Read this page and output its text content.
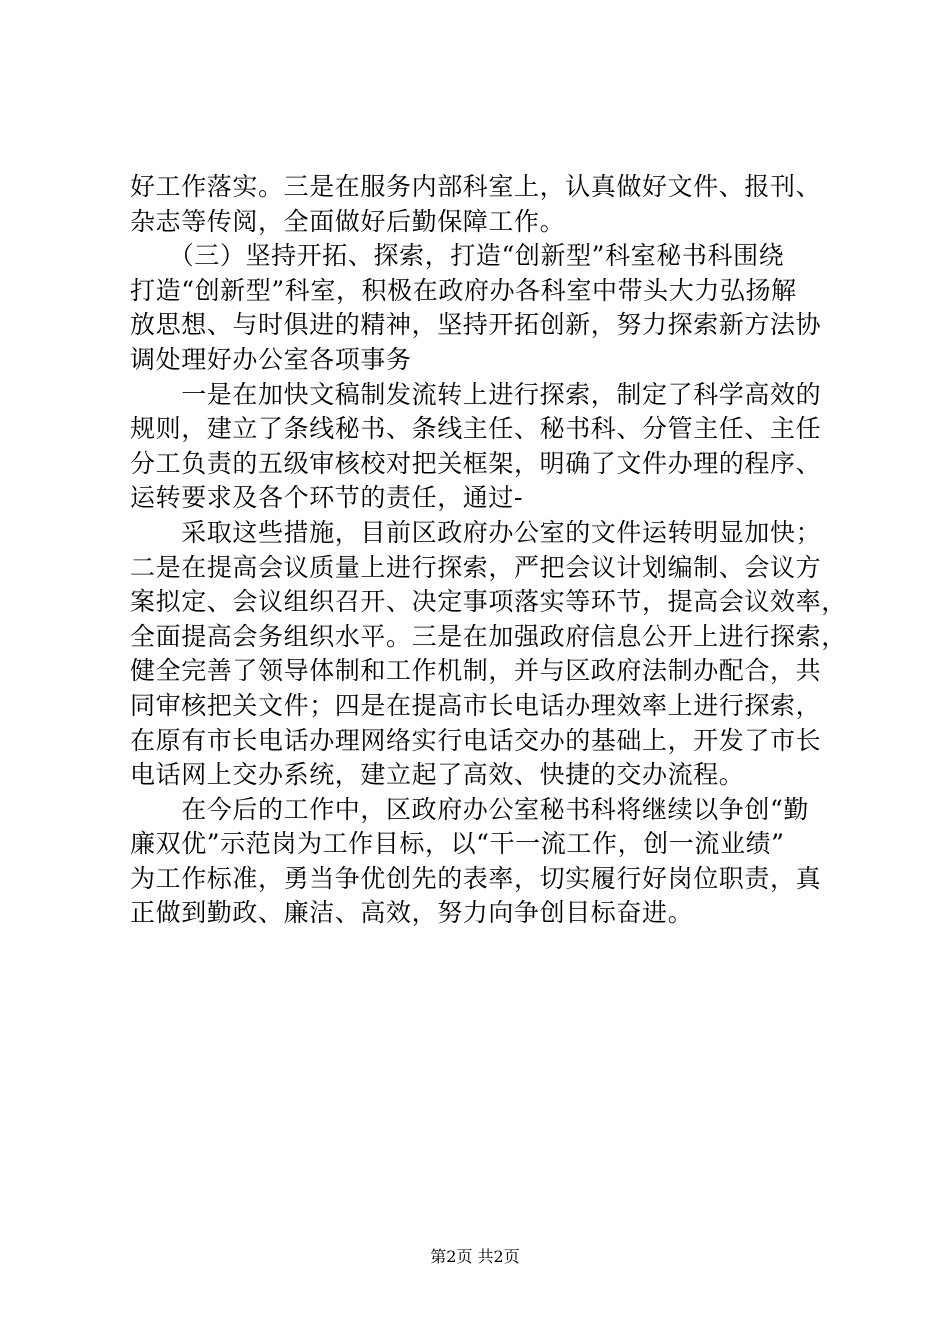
好工作落实。三是在服务内部科室上，认真做好文件、报刊、
杂志等传阅，全面做好后勤保障工作。
　　（三）坚持开拓、探索，打造“创新型”科室秘书科围绕
打造“创新型”科室，积极在政府办各科室中带头大力弘扬解
放思想、与时俱进的精神，坚持开拓创新，努力探索新方法协
调处理好办公室各项事务
　　一是在加快文稿制发流转上进行探索，制定了科学高效的
规则，建立了条线秘书、条线主任、秘书科、分管主任、主任
分工负责的五级审核校对把关框架，明确了文件办理的程序、
运转要求及各个环节的责任，通过-
　　采取这些措施，目前区政府办公室的文件运转明显加快；
二是在提高会议质量上进行探索，严把会议计划编制、会议方
案拟定、会议组织召开、决定事项落实等环节，提高会议效率，
全面提高会务组织水平。三是在加强政府信息公开上进行探索，
健全完善了领导体制和工作机制，并与区政府法制办配合，共
同审核把关文件；四是在提高市长电话办理效率上进行探索，
在原有市长电话办理网络实行电话交办的基础上，开发了市长
电话网上交办系统，建立起了高效、快捷的交办流程。
　　在今后的工作中，区政府办公室秘书科将继续以争创“勤
廉双优”示范岗为工作目标，以“干一流工作，创一流业绩”
为工作标准，勇当争优创先的表率，切实履行好岗位职责，真
正做到勤政、廉洁、高效，努力向争创目标奋进。
第2页 共2页
